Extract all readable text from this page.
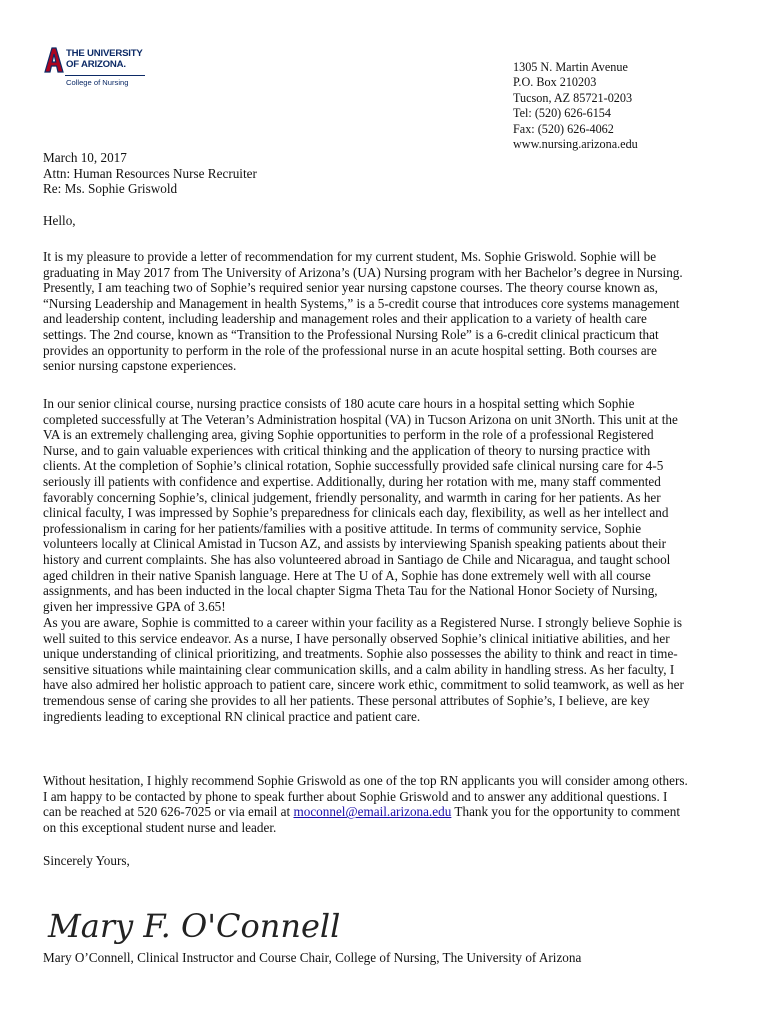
THE UNIVERSITY
OF ARIZONA.
College of Nursing
1305 N. Martin Avenue
P.O. Box 210203
Tucson, AZ 85721-0203
Tel: (520) 626-6154
Fax: (520) 626-4062
www.nursing.arizona.edu
March 10, 2017
Attn: Human Resources Nurse Recruiter
Re: Ms. Sophie Griswold
Hello,
It is my pleasure to provide a letter of recommendation for my current student, Ms. Sophie Griswold. Sophie will be
graduating in May 2017 from The University of Arizona’s (UA) Nursing program with her Bachelor’s degree in Nursing.
Presently, I am teaching two of Sophie’s required senior year nursing capstone courses. The theory course known as,
“Nursing Leadership and Management in health Systems,” is a 5-credit course that introduces core systems management
and leadership content, including leadership and management roles and their application to a variety of health care
settings. The 2nd course, known as “Transition to the Professional Nursing Role” is a 6-credit clinical practicum that
provides an opportunity to perform in the role of the professional nurse in an acute hospital setting. Both courses are
senior nursing capstone experiences.
In our senior clinical course, nursing practice consists of 180 acute care hours in a hospital setting which Sophie
completed successfully at The Veteran’s Administration hospital (VA) in Tucson Arizona on unit 3North. This unit at the
VA is an extremely challenging area, giving Sophie opportunities to perform in the role of a professional Registered
Nurse, and to gain valuable experiences with critical thinking and the application of theory to nursing practice with
clients. At the completion of Sophie’s clinical rotation, Sophie successfully provided safe clinical nursing care for 4-5
seriously ill patients with confidence and expertise. Additionally, during her rotation with me, many staff commented
favorably concerning Sophie’s, clinical judgement, friendly personality, and warmth in caring for her patients. As her
clinical faculty, I was impressed by Sophie’s preparedness for clinicals each day, flexibility, as well as her intellect and
professionalism in caring for her patients/families with a positive attitude. In terms of community service, Sophie
volunteers locally at Clinical Amistad in Tucson AZ, and assists by interviewing Spanish speaking patients about their
history and current complaints. She has also volunteered abroad in Santiago de Chile and Nicaragua, and taught school
aged children in their native Spanish language. Here at The U of A, Sophie has done extremely well with all course
assignments, and has been inducted in the local chapter Sigma Theta Tau for the National Honor Society of Nursing,
given her impressive GPA of 3.65!
As you are aware, Sophie is committed to a career within your facility as a Registered Nurse. I strongly believe Sophie is
well suited to this service endeavor. As a nurse, I have personally observed Sophie’s clinical initiative abilities, and her
unique understanding of clinical prioritizing, and treatments. Sophie also possesses the ability to think and react in time-
sensitive situations while maintaining clear communication skills, and a calm ability in handling stress. As her faculty, I
have also admired her holistic approach to patient care, sincere work ethic, commitment to solid teamwork, as well as her
tremendous sense of caring she provides to all her patients. These personal attributes of Sophie’s, I believe, are key
ingredients leading to exceptional RN clinical practice and patient care.
Without hesitation, I highly recommend Sophie Griswold as one of the top RN applicants you will consider among others.
I am happy to be contacted by phone to speak further about Sophie Griswold and to answer any additional questions. I
can be reached at 520 626-7025 or via email at moconnel@email.arizona.edu Thank you for the opportunity to comment
on this exceptional student nurse and leader.
Sincerely Yours,
Mary F. O'Connell
Mary O’Connell, Clinical Instructor and Course Chair, College of Nursing, The University of Arizona
